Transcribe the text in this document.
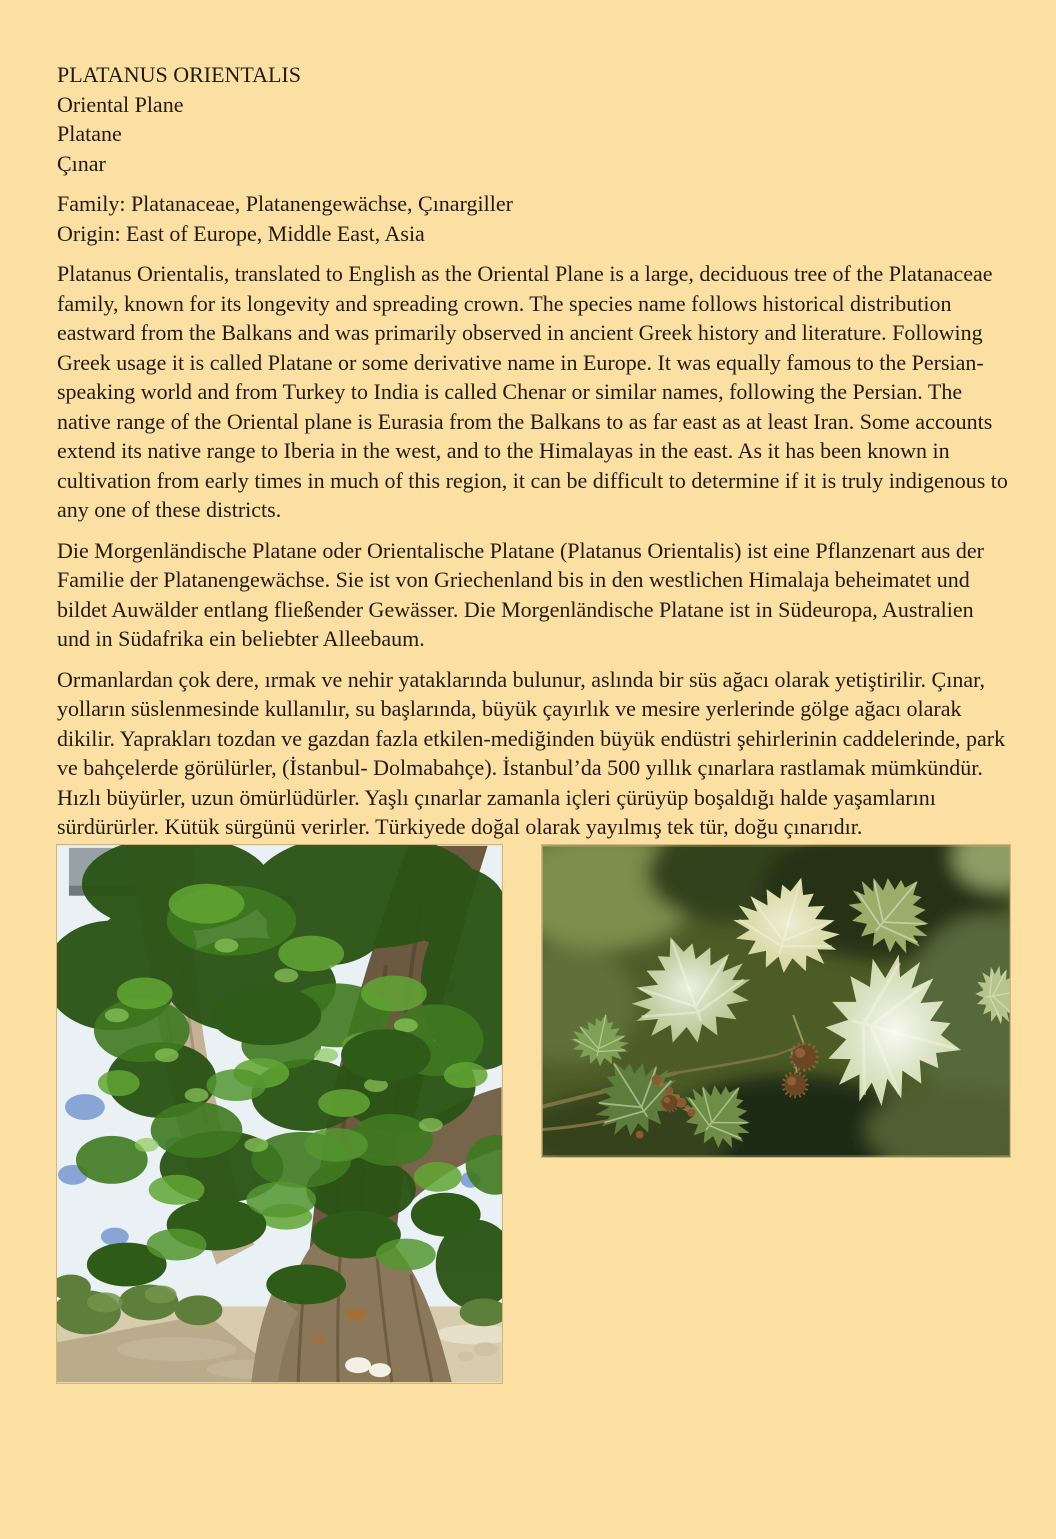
PLATANUS ORIENTALIS
Oriental Plane
Platane
Çınar
Family: Platanaceae, Platanengewächse, Çınargiller
Origin: East of Europe, Middle East, Asia

Platanus Orientalis, translated to English as the Oriental Plane is a large, deciduous tree of the Platanaceae family, known for its longevity and spreading crown. The species name follows historical distribution eastward from the Balkans and was primarily observed in ancient Greek history and literature. Following Greek usage it is called Platane or some derivative name in Europe. It was equally famous to the Persian-speaking world and from Turkey to India is called Chenar or similar names, following the Persian. The native range of the Oriental plane is Eurasia from the Balkans to as far east as at least Iran. Some accounts extend its native range to Iberia in the west, and to the Himalayas in the east. As it has been known in cultivation from early times in much of this region, it can be difficult to determine if it is truly indigenous to any one of these districts.

Die Morgenländische Platane oder Orientalische Platane (Platanus Orientalis) ist eine Pflanzenart aus der Familie der Platanengewächse. Sie ist von Griechenland bis in den westlichen Himalaja beheimatet und bildet Auwälder entlang fließender Gewässer. Die Morgenländische Platane ist in Südeuropa, Australien und in Südafrika ein beliebter Alleebaum.

Ormanlardan çok dere, ırmak ve nehir yataklarında bulunur, aslında bir süs ağacı olarak yetiştirilir. Çınar, yolların süslenmesinde kullanılır, su başlarında, büyük çayırlık ve mesire yerlerinde gölge ağacı olarak dikilir. Yaprakları tozdan ve gazdan fazla etkilen-mediğinden büyük endüstri şehirlerinin caddelerinde, park ve bahçelerde görülürler, (İstanbul- Dolmabahçe). İstanbul’da 500 yıllık çınarlara rastlamak mümkündür. Hızlı büyürler, uzun ömürlüdürler. Yaşlı çınarlar zamanla içleri çürüyüp boşaldığı halde yaşamlarını sürdürürler. Kütük sürgünü verirler. Türkiyede doğal olarak yayılmış tek tür, doğu çınarıdır.
